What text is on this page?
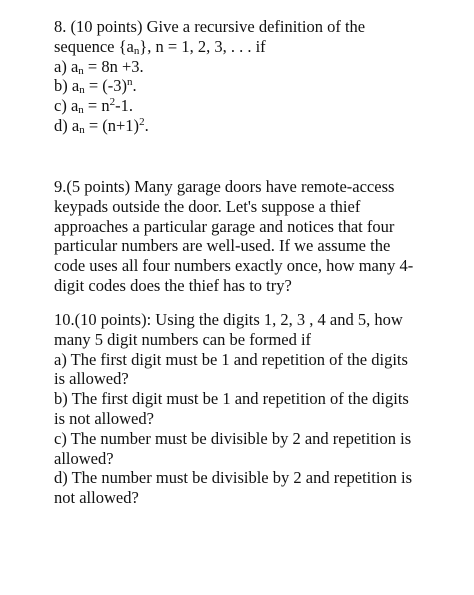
8. (10 points) Give a recursive definition of the
sequence $\{a_n\}$, n = 1, 2, 3, . . . if
a) $a_n = 8n +3$.
b) $a_n = (-3)^n$.
c) $a_n = n^2-1$.
d) $a_n = (n+1)^2$.
9.(5 points) Many garage doors have remote-access
keypads outside the door. Let's suppose a thief
approaches a particular garage and notices that four
particular numbers are well-used. If we assume the
code uses all four numbers exactly once, how many 4-
digit codes does the thief has to try?
10.(10 points): Using the digits 1, 2, 3 , 4 and 5, how
many 5 digit numbers can be formed if
a) The first digit must be 1 and repetition of the digits
is allowed?
b) The first digit must be 1 and repetition of the digits
is not allowed?
c) The number must be divisible by 2 and repetition is
allowed?
d) The number must be divisible by 2 and repetition is
not allowed?
